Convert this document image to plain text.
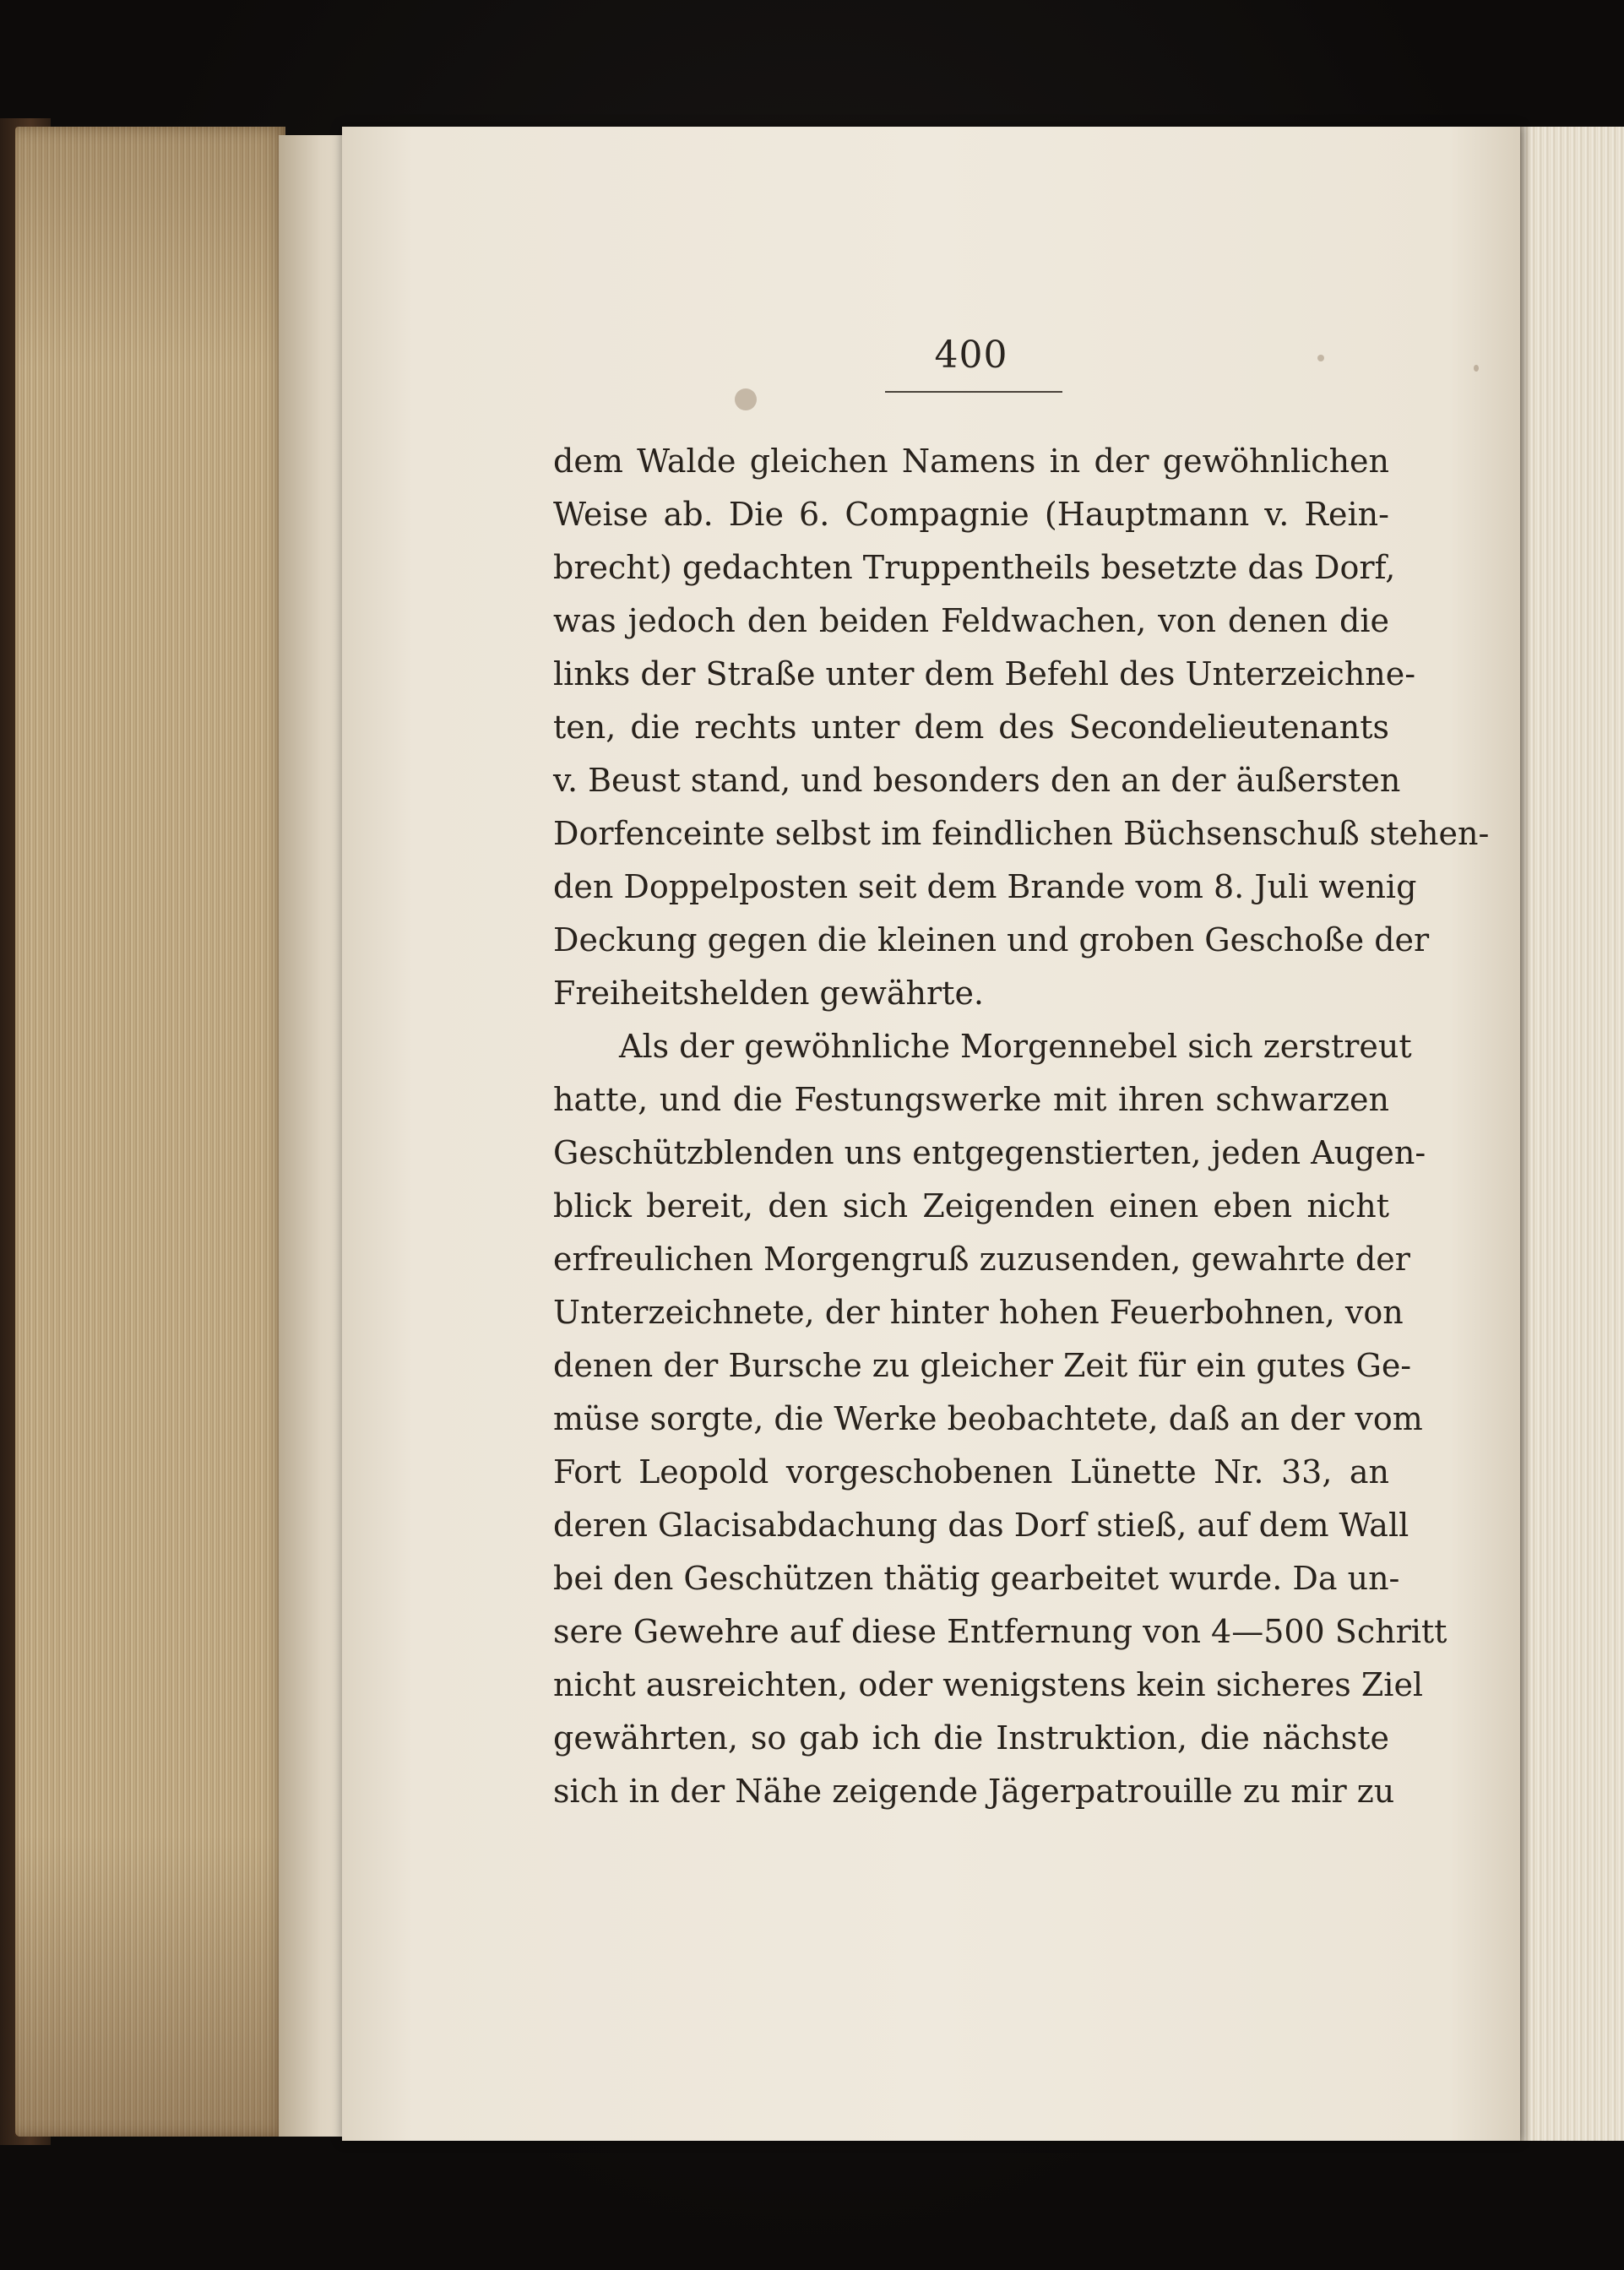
400
dem Walde gleichen Namens in der gewöhnlichen
Weise ab. Die 6. Compagnie (Hauptmann v. Rein-
brecht) gedachten Truppentheils besetzte das Dorf,
was jedoch den beiden Feldwachen, von denen die
links der Straße unter dem Befehl des Unterzeichne-
ten, die rechts unter dem des Secondelieutenants
v. Beust stand, und besonders den an der äußersten
Dorfenceinte selbst im feindlichen Büchsenschuß stehen-
den Doppelposten seit dem Brande vom 8. Juli wenig
Deckung gegen die kleinen und groben Geschoße der
Freiheitshelden gewährte.
Als der gewöhnliche Morgennebel sich zerstreut
hatte, und die Festungswerke mit ihren schwarzen
Geschützblenden uns entgegenstierten, jeden Augen-
blick bereit, den sich Zeigenden einen eben nicht
erfreulichen Morgengruß zuzusenden, gewahrte der
Unterzeichnete, der hinter hohen Feuerbohnen, von
denen der Bursche zu gleicher Zeit für ein gutes Ge-
müse sorgte, die Werke beobachtete, daß an der vom
Fort Leopold vorgeschobenen Lünette Nr. 33, an
deren Glacisabdachung das Dorf stieß, auf dem Wall
bei den Geschützen thätig gearbeitet wurde. Da un-
sere Gewehre auf diese Entfernung von 4—500 Schritt
nicht ausreichten, oder wenigstens kein sicheres Ziel
gewährten, so gab ich die Instruktion, die nächste
sich in der Nähe zeigende Jägerpatrouille zu mir zu
